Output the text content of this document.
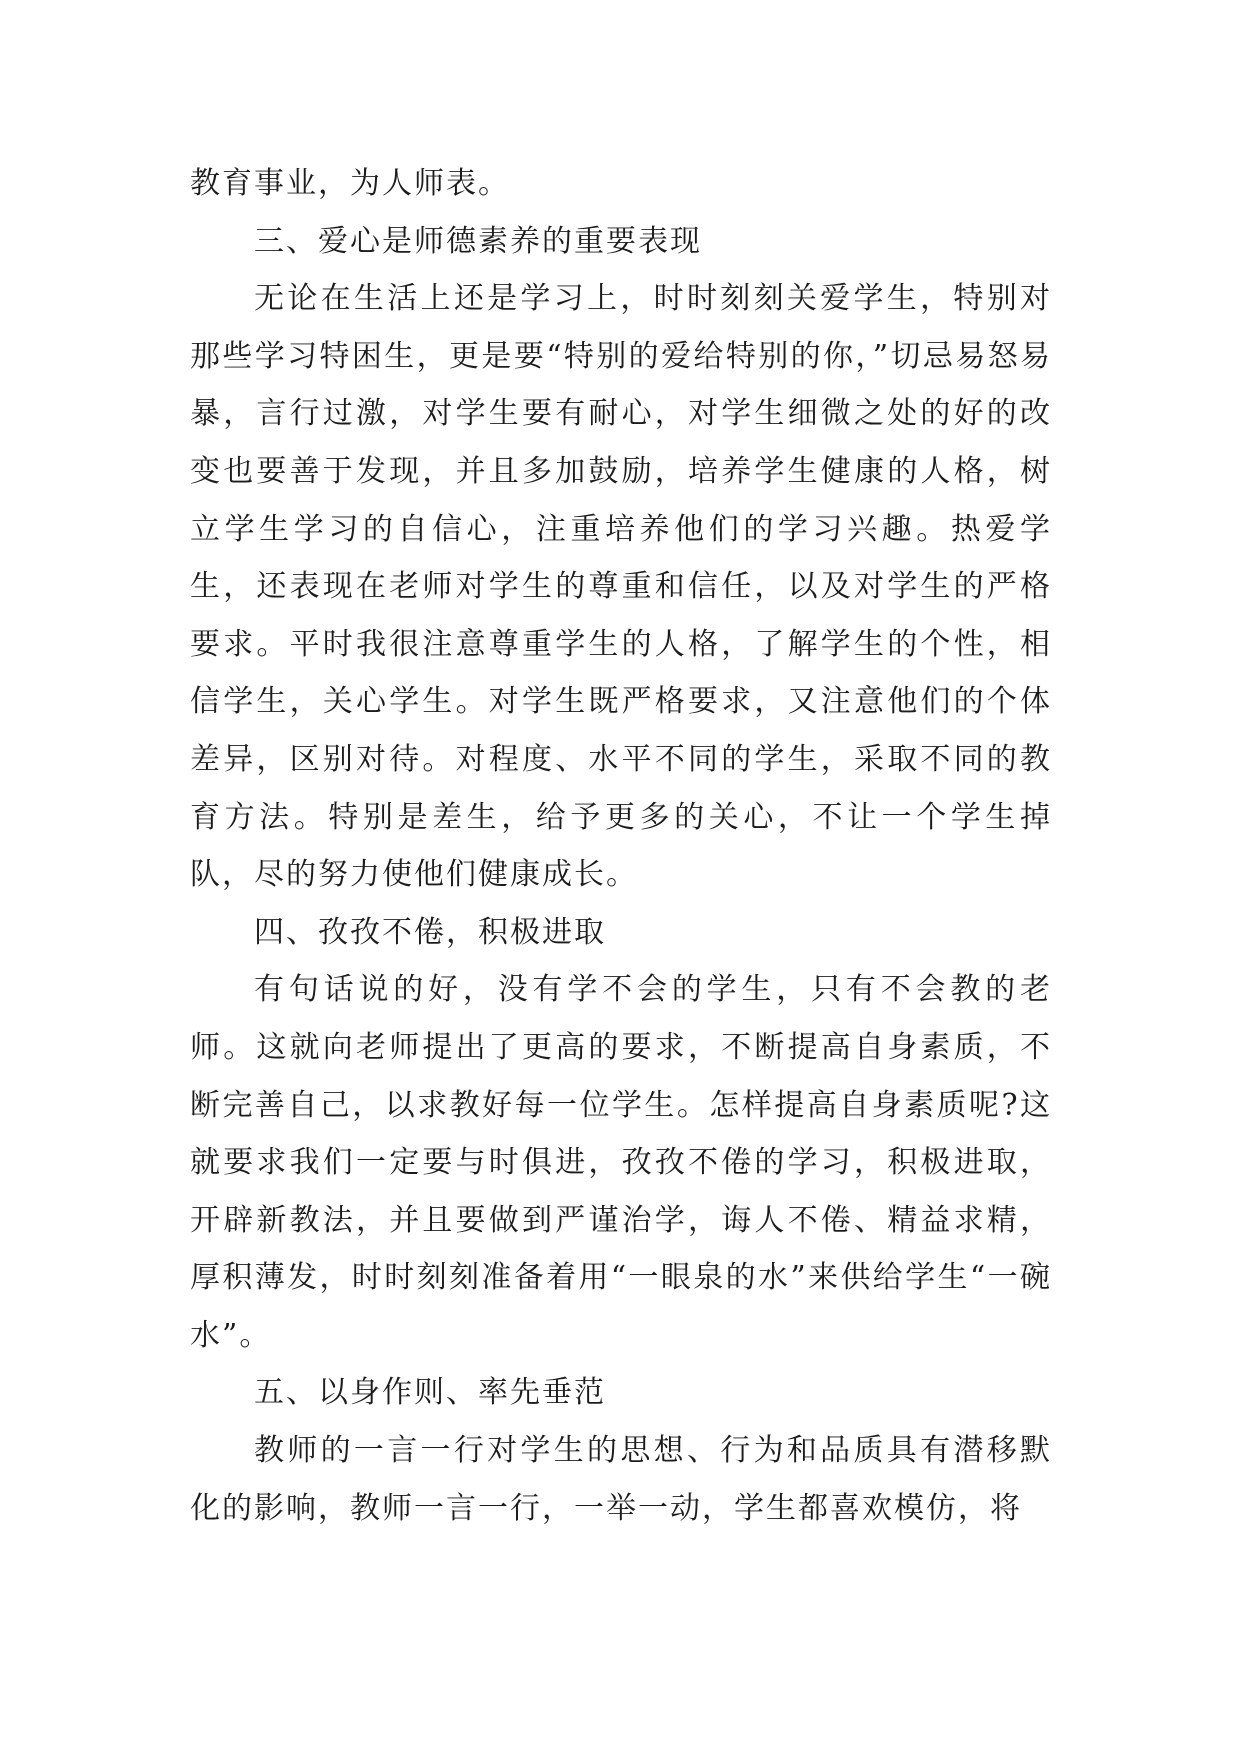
教育事业，为人师表。

三、爱心是师德素养的重要表现

无论在生活上还是学习上，时时刻刻关爱学生，特别对那些学习特困生，更是要“特别的爱给特别的你，”切忌易怒易暴，言行过激，对学生要有耐心，对学生细微之处的好的改变也要善于发现，并且多加鼓励，培养学生健康的人格，树立学生学习的自信心，注重培养他们的学习兴趣。热爱学生，还表现在老师对学生的尊重和信任，以及对学生的严格要求。平时我很注意尊重学生的人格，了解学生的个性，相信学生，关心学生。对学生既严格要求，又注意他们的个体差异，区别对待。对程度、水平不同的学生，采取不同的教育方法。特别是差生，给予更多的关心，不让一个学生掉队，尽的努力使他们健康成长。

四、孜孜不倦，积极进取

有句话说的好，没有学不会的学生，只有不会教的老师。这就向老师提出了更高的要求，不断提高自身素质，不断完善自己，以求教好每一位学生。怎样提高自身素质呢?这就要求我们一定要与时俱进，孜孜不倦的学习，积极进取，开辟新教法，并且要做到严谨治学，诲人不倦、精益求精，厚积薄发，时时刻刻准备着用“一眼泉的水”来供给学生“一碗水”。

五、以身作则、率先垂范

教师的一言一行对学生的思想、行为和品质具有潜移默化的影响，教师一言一行，一举一动，学生都喜欢模仿，将
